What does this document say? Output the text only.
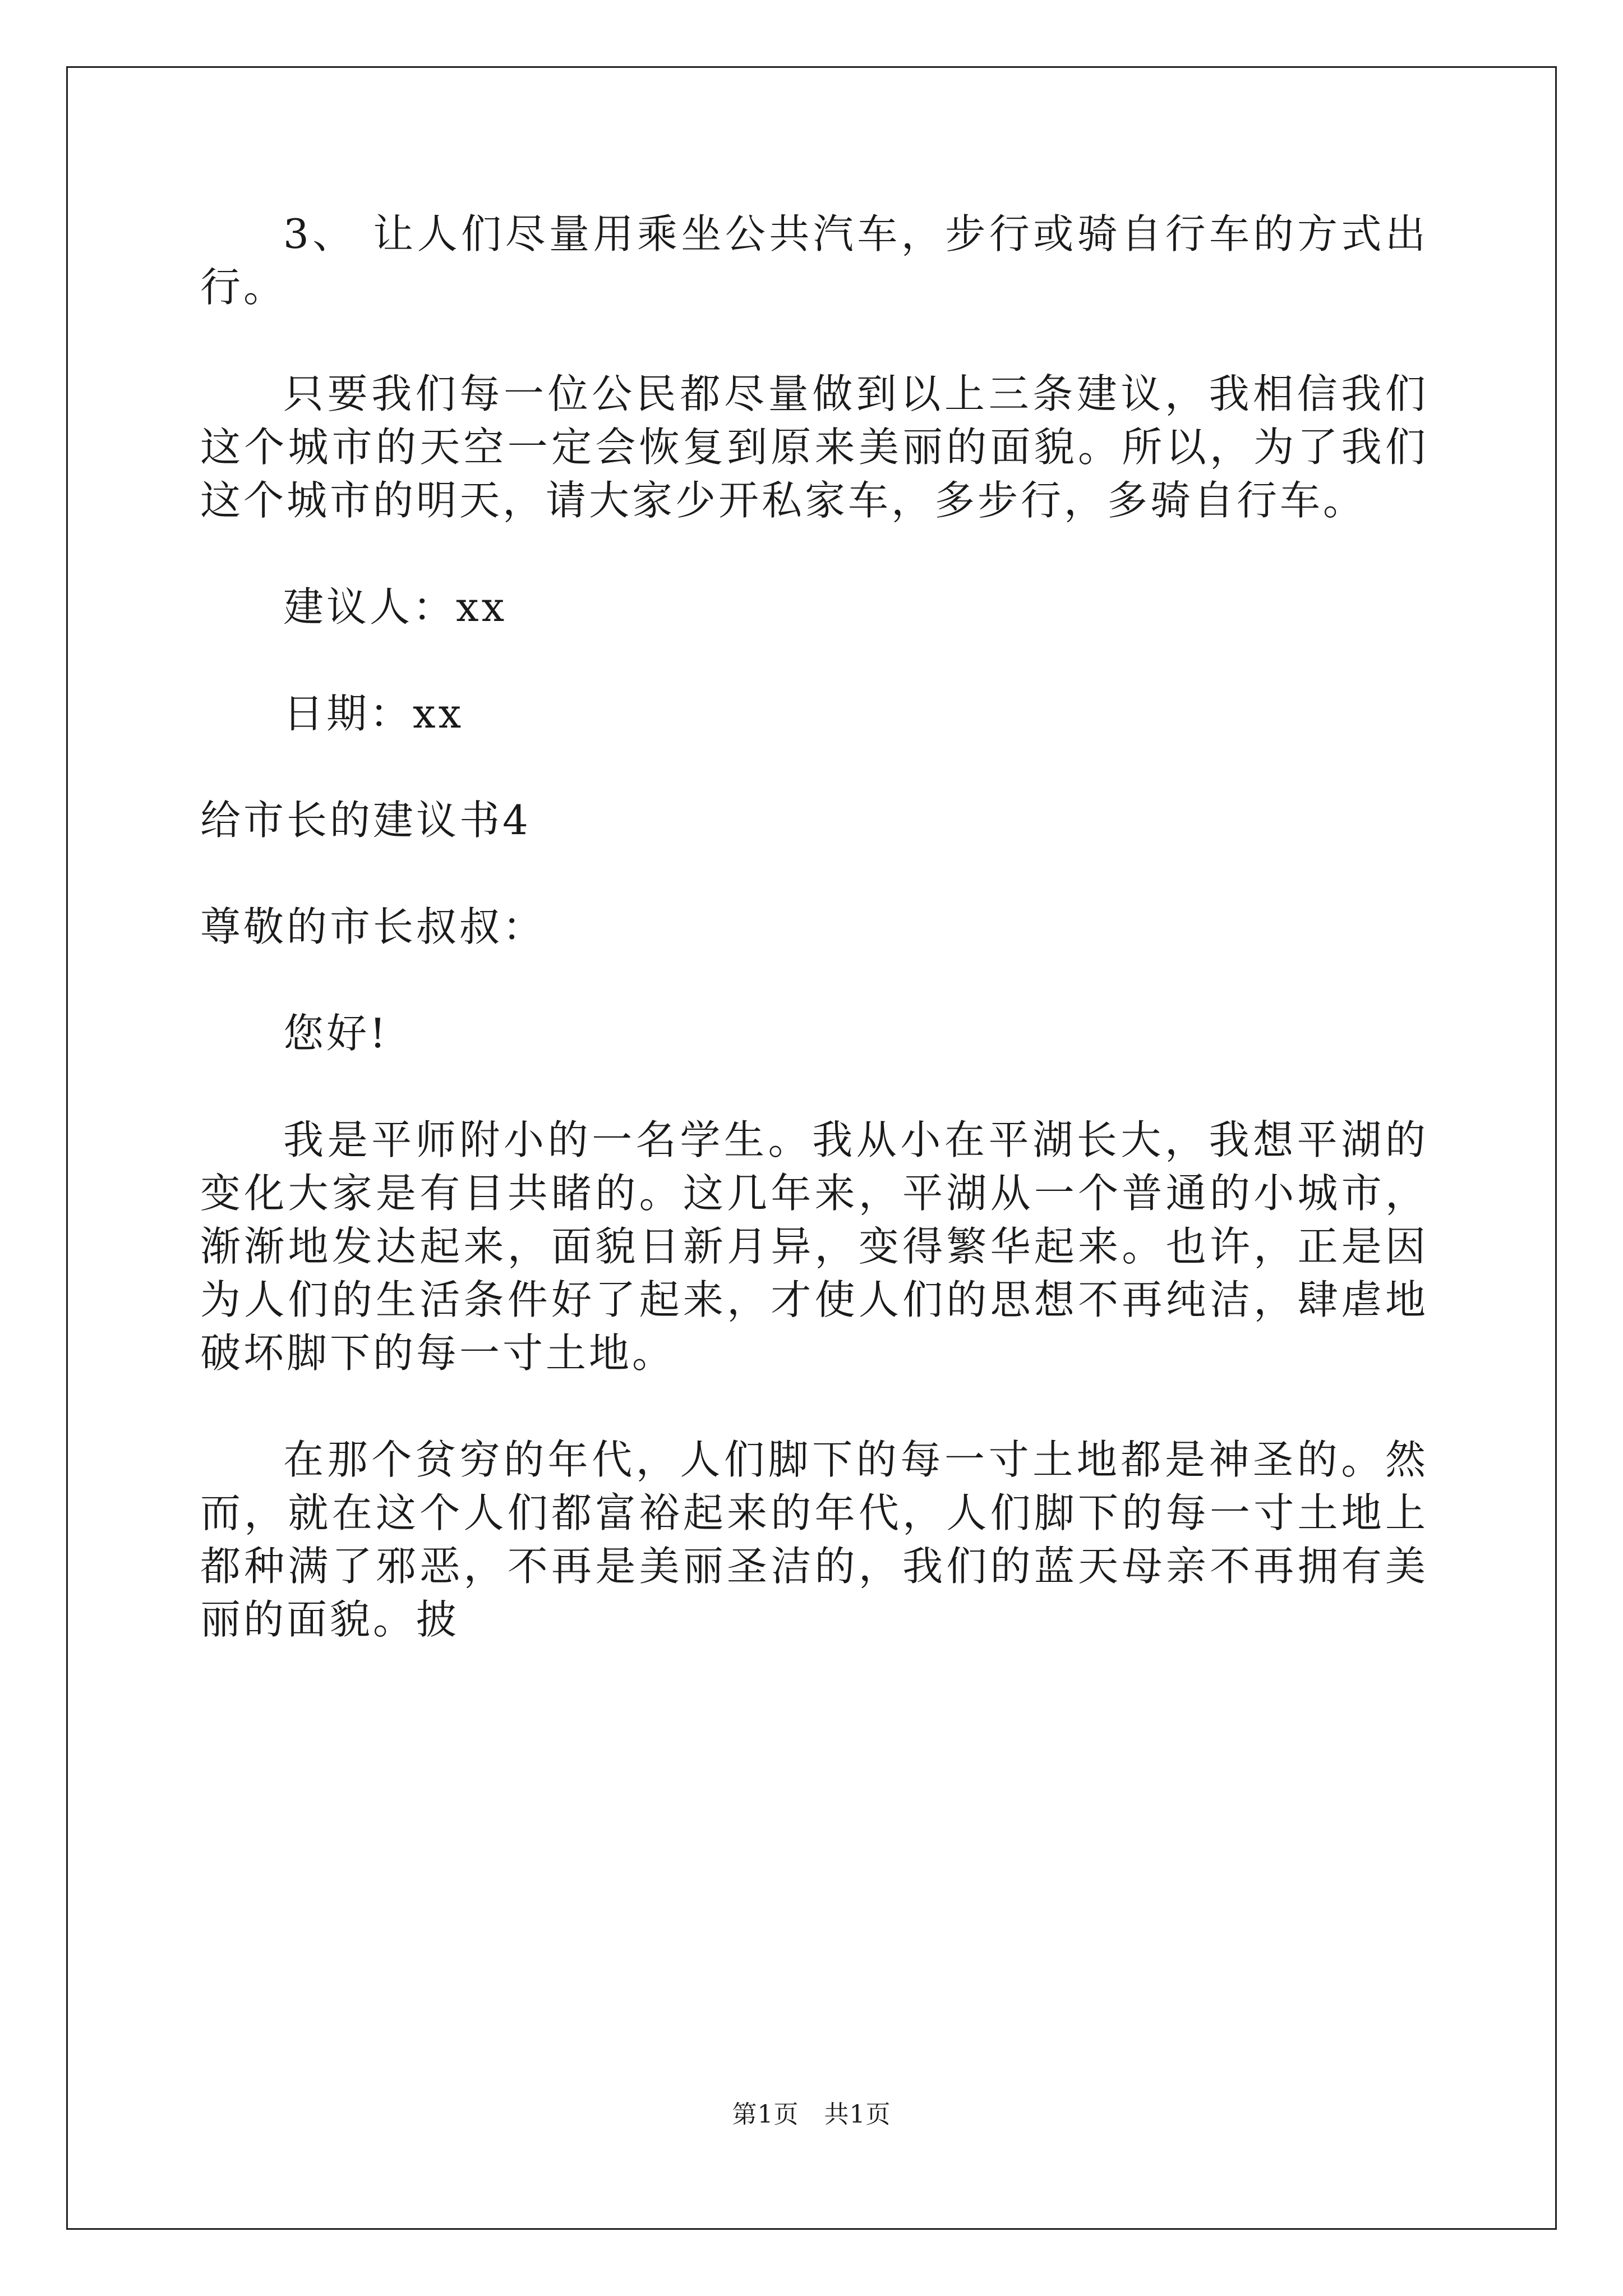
3、 让人们尽量用乘坐公共汽车，步行或骑自行车的方式出行。

只要我们每一位公民都尽量做到以上三条建议，我相信我们这个城市的天空一定会恢复到原来美丽的面貌。所以，为了我们这个城市的明天，请大家少开私家车，多步行，多骑自行车。

建议人：xx

日期：xx

给市长的建议书4

尊敬的市长叔叔：

您好!

我是平师附小的一名学生。我从小在平湖长大，我想平湖的变化大家是有目共睹的。这几年来，平湖从一个普通的小城市，渐渐地发达起来，面貌日新月异，变得繁华起来。也许，正是因为人们的生活条件好了起来，才使人们的思想不再纯洁，肆虐地破坏脚下的每一寸土地。

在那个贫穷的年代，人们脚下的每一寸土地都是神圣的。然而，就在这个人们都富裕起来的年代，人们脚下的每一寸土地上都种满了邪恶，不再是美丽圣洁的，我们的蓝天母亲不再拥有美丽的面貌。披

第1页 共1页
